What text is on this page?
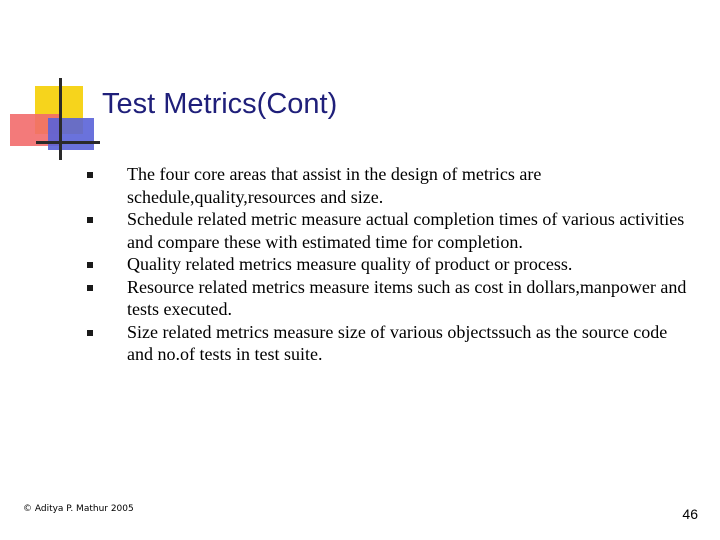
Test Metrics(Cont)
The four core areas that assist in the design of metrics are schedule,quality,resources and size.
Schedule related metric measure actual completion times of various activities and compare these with estimated time for completion.
Quality related metrics measure quality of product or process.
Resource related metrics measure items such as cost in dollars,manpower and tests executed.
Size related metrics measure size of various objectssuch as the source code and no.of tests in test suite.
© Aditya P. Mathur 2005	46
